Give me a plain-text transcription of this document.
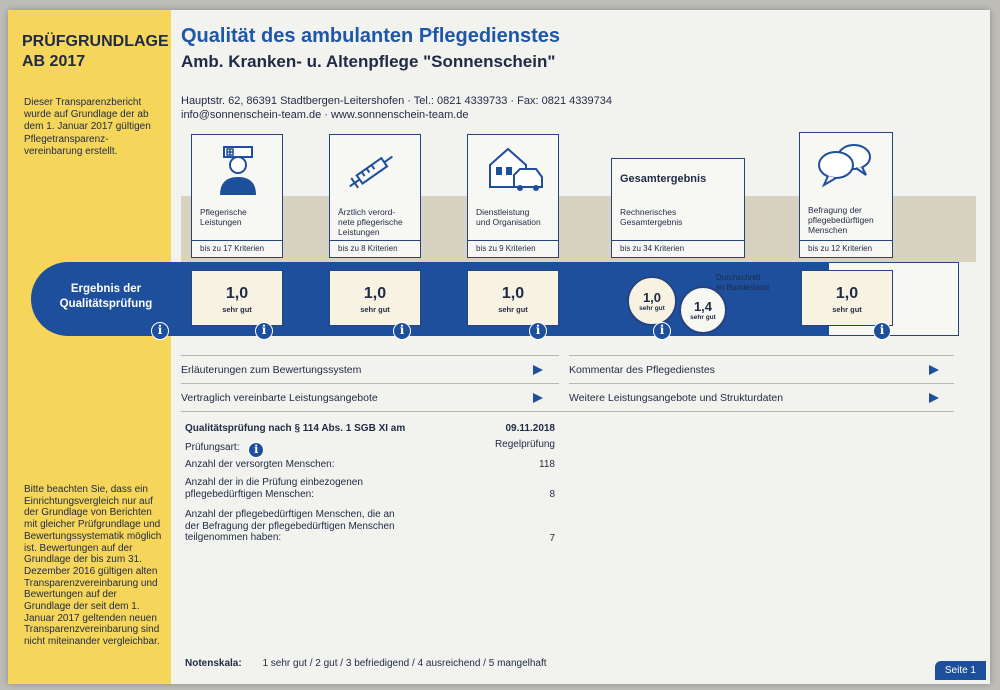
PRÜFGRUNDLAGE
AB 2017
Dieser Transparenzbericht wurde auf Grundlage der ab dem 1. Januar 2017 gültigen Pflegetransparenz-vereinbarung erstellt.
Bitte beachten Sie, dass ein Einrichtungsvergleich nur auf der Grundlage von Berichten mit gleicher Prüfgrundlage und Bewertungssystematik möglich ist. Bewertungen auf der Grundlage der bis zum 31. Dezember 2016 gültigen alten Transparenzvereinbarung und Bewertungen auf der Grundlage der seit dem 1. Januar 2017 geltenden neuen Transparenzvereinbarung sind nicht miteinander vergleichbar.
Qualität des ambulanten Pflegedienstes
Amb. Kranken- u. Altenpflege "Sonnenschein"
Hauptstr. 62, 86391 Stadtbergen-Leitershofen · Tel.: 0821 4339733 · Fax: 0821 4339734
info@sonnenschein-team.de · www.sonnenschein-team.de
Pflegerische
Leistungen
bis zu 17 Kriterien
Ärztlich verord-
nete pflegerische
Leistungen
bis zu 8 Kriterien
Dienstleistung
und Organisation
bis zu 9 Kriterien
Gesamtergebnis
Rechnerisches
Gesamtergebnis
bis zu 34 Kriterien
Befragung der
pflegebedürftigen
Menschen
bis zu 12 Kriterien
Ergebnis der
Qualitätsprüfung
1,0
sehr gut
1,0
sehr gut
1,0
sehr gut
1,0
sehr gut	1,4
sehr gut
Durchschnitt
im Bundesland	1,0
sehr gut
i	i	i	i	i	i
Erläuterungen zum Bewertungssystem	Kommentar des Pflegedienstes
Vertraglich vereinbarte Leistungsangebote	Weitere Leistungsangebote und Strukturdaten
Qualitätsprüfung nach § 114 Abs. 1 SGB XI am	09.11.2018
Prüfungsart: i	Regelprüfung
Anzahl der versorgten Menschen:	118
Anzahl der in die Prüfung einbezogenen
pflegebedürftigen Menschen:	8
Anzahl der pflegebedürftigen Menschen, die an
der Befragung der pflegebedürftigen Menschen
teilgenommen haben:	7
Notenskala: 1 sehr gut / 2 gut / 3 befriedigend / 4 ausreichend / 5 mangelhaft
Seite 1
